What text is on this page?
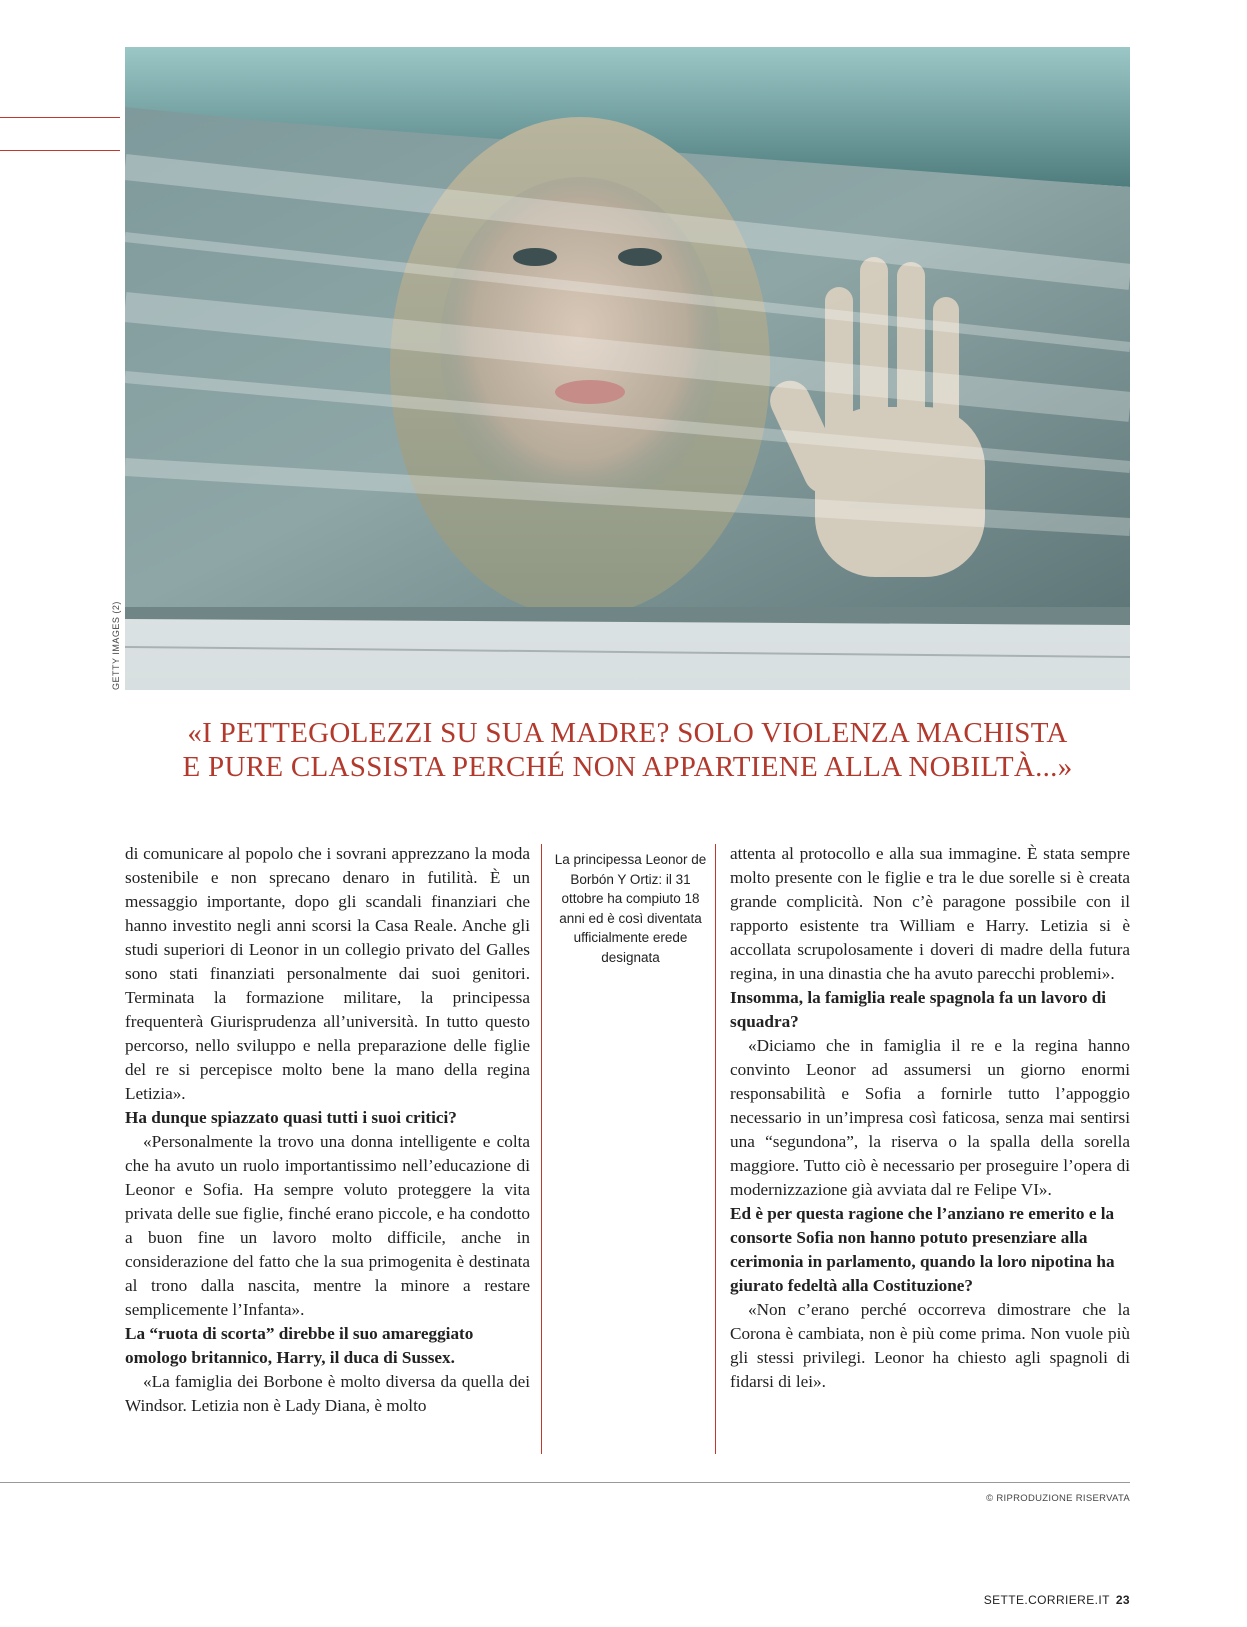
GETTY IMAGES (2)
«I PETTEGOLEZZI SU SUA MADRE? SOLO VIOLENZA MACHISTA
E PURE CLASSISTA PERCHÉ NON APPARTIENE ALLA NOBILTÀ...»

di comunicare al popolo che i sovrani apprezzano la moda sostenibile e non sprecano denaro in futilità. È un messaggio importante, dopo gli scandali finanziari che hanno investito negli anni scorsi la Casa Reale. Anche gli studi superiori di Leonor in un collegio privato del Galles sono stati finanziati personalmente dai suoi genitori. Terminata la formazione militare, la principessa frequenterà Giurisprudenza all’università. In tutto questo percorso, nello sviluppo e nella preparazione delle figlie del re si percepisce molto bene la mano della regina Letizia».

Ha dunque spiazzato quasi tutti i suoi critici?

«Personalmente la trovo una donna intelligente e colta che ha avuto un ruolo importantissimo nell’educazione di Leonor e Sofia. Ha sempre voluto proteggere la vita privata delle sue figlie, finché erano piccole, e ha condotto a buon fine un lavoro molto difficile, anche in considerazione del fatto che la sua primogenita è destinata al trono dalla nascita, mentre la minore a restare semplicemente l’Infanta».

La “ruota di scorta” direbbe il suo amareggiato omologo britannico, Harry, il duca di Sussex.

«La famiglia dei Borbone è molto diversa da quella dei Windsor. Letizia non è Lady Diana, è molto

La principessa Leonor de Borbón Y Ortiz: il 31 ottobre ha compiuto 18 anni ed è così diventata ufficialmente erede designata

attenta al protocollo e alla sua immagine. È stata sempre molto presente con le figlie e tra le due sorelle si è creata grande complicità. Non c’è paragone possibile con il rapporto esistente tra William e Harry. Letizia si è accollata scrupolosamente i doveri di madre della futura regina, in una dinastia che ha avuto parecchi problemi».

Insomma, la famiglia reale spagnola fa un lavoro di squadra?

«Diciamo che in famiglia il re e la regina hanno convinto Leonor ad assumersi un giorno enormi responsabilità e Sofia a fornirle tutto l’appoggio necessario in un’impresa così faticosa, senza mai sentirsi una “segundona”, la riserva o la spalla della sorella maggiore. Tutto ciò è necessario per proseguire l’opera di modernizzazione già avviata dal re Felipe VI».

Ed è per questa ragione che l’anziano re emerito e la consorte Sofia non hanno potuto presenziare alla cerimonia in parlamento, quando la loro nipotina ha giurato fedeltà alla Costituzione?

«Non c’erano perché occorreva dimostrare che la Corona è cambiata, non è più come prima. Non vuole più gli stessi privilegi. Leonor ha chiesto agli spagnoli di fidarsi di lei».

© RIPRODUZIONE RISERVATA
SETTE.CORRIERE.IT 23
